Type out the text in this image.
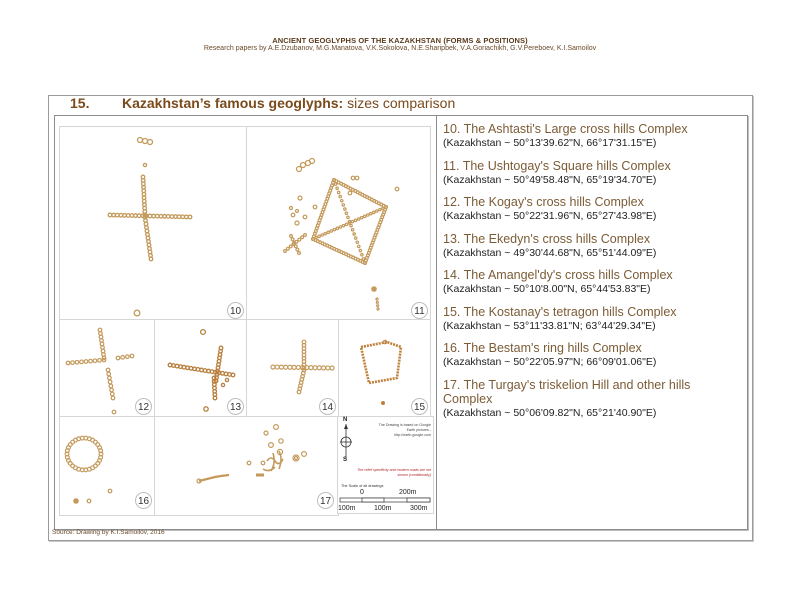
ANCIENT GEOGLYPHS OF THE KAZAKHSTAN (FORMS & POSITIONS)
Research papers by A.E.Dzubanov, M.G.Manatova, V.K.Sokolova, N.E.Sharipbek, V.A.Goriachikh, G.V.Pereboev, K.I.Samoilov
15. Kazakhstan’s famous geoglyphs: sizes comparison
10	11
12	13	14	15
16	17
N
S
The Drawing is based on Google Earth pictures - http://earth.google.com
The relief specificity and modern roads are not shown (conditionally)
The Scale of all drawings
0	200m
100m	100m	300m
10. The Ashtasti's Large cross hills Complex
(Kazakhstan ~ 50°13'39.62"N, 66°17'31.15"E)
11. The Ushtogay's Square hills Complex
(Kazakhstan ~ 50°49'58.48"N, 65°19'34.70"E)
12. The Kogay's cross hills Complex
(Kazakhstan ~ 50°22'31.96"N, 65°27'43.98"E)
13. The Ekedyn's cross hills Complex
(Kazakhstan ~ 49°30'44.68"N, 65°51'44.09"E)
14. The Amangel'dy's cross hills Complex
(Kazakhstan ~ 50°10'8.00"N, 65°44'53.83"E)
15. The Kostanay's tetragon hills Complex
(Kazakhstan ~ 53°11'33.81"N; 63°44'29.34"E)
16. The Bestam's ring hills Complex
(Kazakhstan ~ 50°22'05.97"N; 66°09'01.06"E)
17. The Turgay's triskelion Hill and other hills Complex
(Kazakhstan ~ 50°06'09.82"N, 65°21'40.90"E)
Source: Drawing by K.I.Samoilov, 2016
